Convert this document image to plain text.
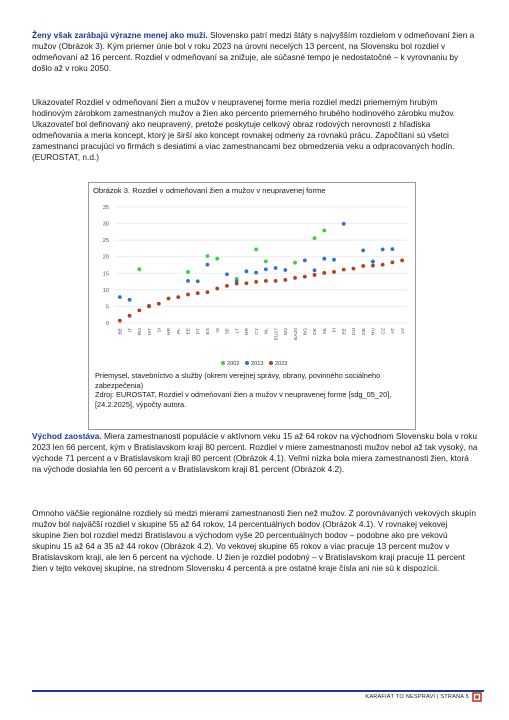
Ženy však zarábajú výrazne menej ako muži. Slovensko patrí medzi štáty s najvyšším rozdielom v odmeňovaní žien a mužov (Obrázok 3). Kým priemer únie bol v roku 2023 na úrovni necelých 13 percent, na Slovensku bol rozdiel v odmeňovaní až 16 percent. Rozdiel v odmeňovaní sa znižuje, ale súčasné tempo je nedostatočné – k vyrovnaniu by došlo až v roku 2050.

Ukazovateľ Rozdiel v odmeňovaní žien a mužov v neupravenej forme meria rozdiel medzi priemerným hrubým hodinovým zárobkom zamestnaných mužov a žien ako percento priemerného hrubého hodinového zárobku mužov. Ukazovateľ bol definovaný ako neupravený, pretože poskytuje celkový obraz rodových nerovností z hľadiska odmeňovania a meria koncept, ktorý je širší ako koncept rovnakej odmeny za rovnakú prácu. Započítaní sú všetci zamestnanci pracujúci vo firmách s desiatimi a viac zamestnancami bez obmedzenia veku a odpracovaných hodín. (EUROSTAT, n.d.)

Obrázok 3. Rozdiel v odmeňovaní žien a mužov v neupravenej forme
0
5
10
15
20
25
30
35
BE IT RO MT SI HR PL EE PT ES IS SE LT HR CY NL EU27 NO EA20 BG DK SK FI EE CH DE HU CZ AT LV
2002 2013 2023

Priemysel, stavebníctvo a služby (okrem verejnej správy, obrany, povinného sociálneho zabezpečenia)
Zdroj: EUROSTAT, Rozdiel v odmeňovaní žien a mužov v neupravenej forme [sdg_05_20], [24.2.2025], výpočty autora.

Východ zaostáva. Miera zamestnanosti populácie v aktívnom veku 15 až 64 rokov na východnom Slovensku bola v roku 2023 len 66 percent, kým v Bratislavskom kraji 80 percent. Rozdiel v miere zamestnanosti mužov nebol až tak vysoký, na východe 71 percent a v Bratislavskom kraji 80 percent (Obrázok 4.1). Veľmi nízka bola miera zamestnanosti žien, ktorá na východe dosiahla len 60 percent a v Bratislavskom kraji 81 percent (Obrázok 4.2).

Omnoho väčšie regionálne rozdiely sú medzi mierami zamestnanosti žien než mužov. Z porovnávaných vekových skupín mužov bol najväčší rozdiel v skupine 55 až 64 rokov, 14 percentuálnych bodov (Obrázok 4.1). V rovnakej vekovej skupine žien bol rozdiel medzi Bratislavou a východom vyše 20 percentuálnych bodov – podobne ako pre vekovú skupinu 15 až 64 a 35 až 44 rokov (Obrázok 4.2). Vo vekovej skupine 65 rokov a viac pracuje 13 percent mužov v Bratislavskom kraji, ale len 6 percent na východe. U žien je rozdiel podobný – v Bratislavskom kraji pracuje 11 percent žien v tejto vekovej skupine, na strednom Slovensku 4 percentá a pre ostatné kraje čísla ani nie sú k dispozícii.

KARAFIÁT TO NESPRAVÍ | STRANA 5
